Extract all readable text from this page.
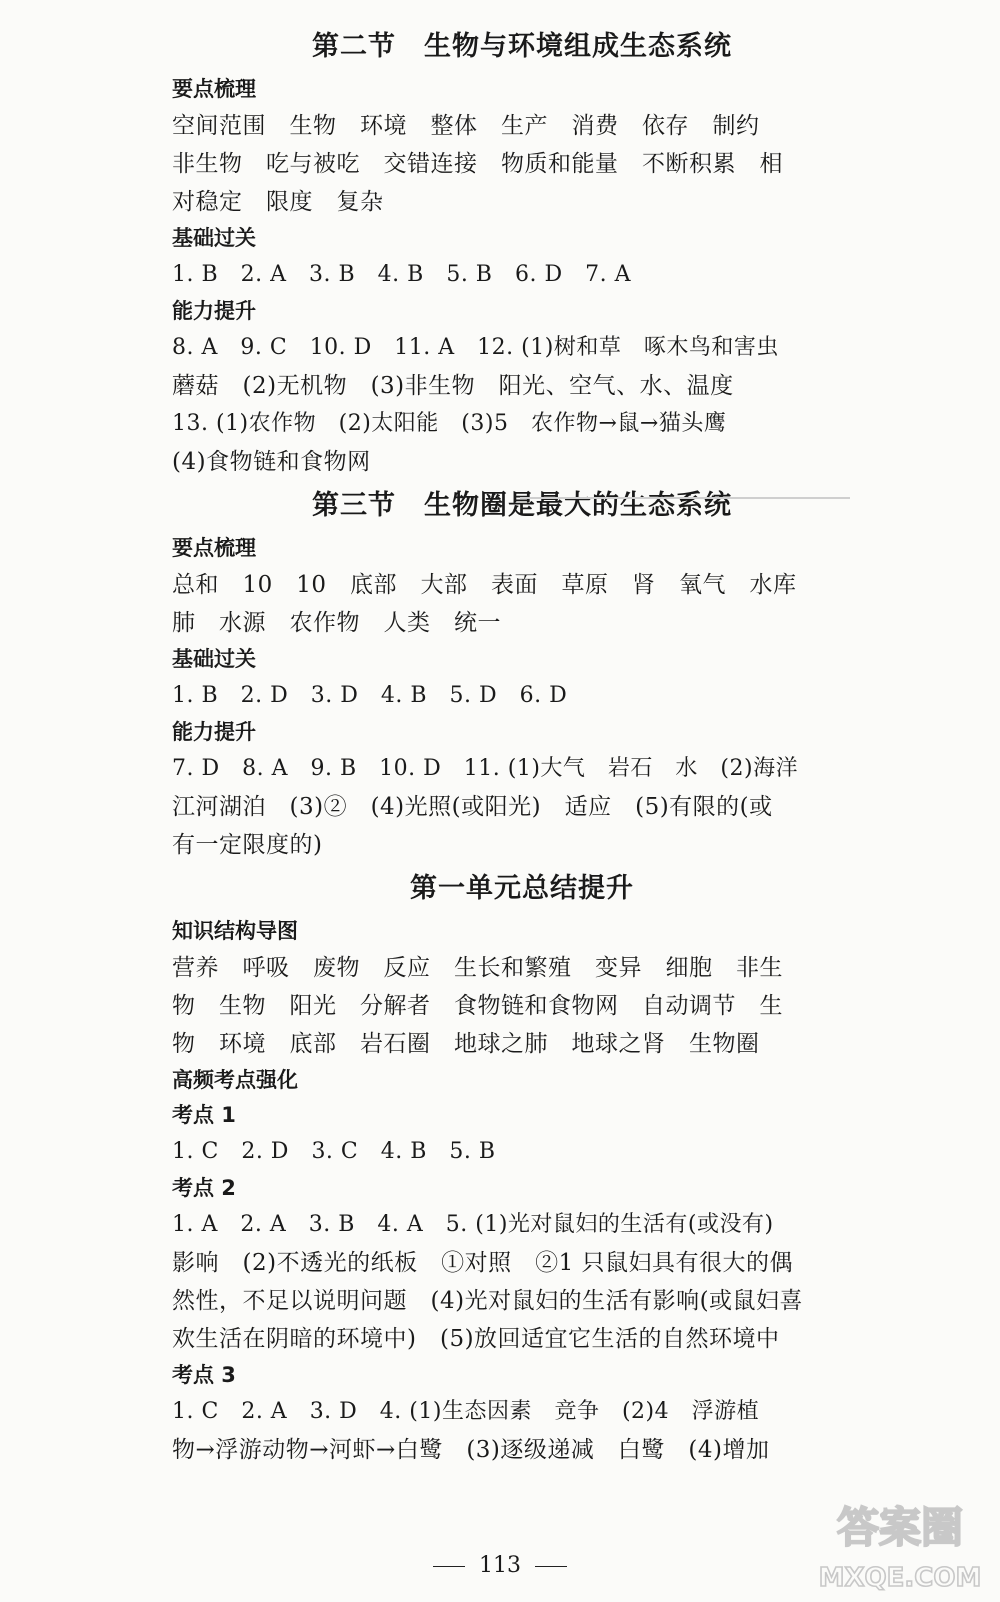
第二节　生物与环境组成生态系统
要点梳理
空间范围　生物　环境　整体　生产　消费　依存　制约
非生物　吃与被吃　交错连接　物质和能量　不断积累　相
对稳定　限度　复杂
基础过关
1. B　2. A　3. B　4. B　5. B　6. D　7. A
能力提升
8. A　9. C　10. D　11. A　12. (1)树和草　啄木鸟和害虫
蘑菇　(2)无机物　(3)非生物　阳光、空气、水、温度
13. (1)农作物　(2)太阳能　(3)5　农作物→鼠→猫头鹰
(4)食物链和食物网
第三节　生物圈是最大的生态系统
要点梳理
总和　10　10　底部　大部　表面　草原　肾　氧气　水库
肺　水源　农作物　人类　统一
基础过关
1. B　2. D　3. D　4. B　5. D　6. D
能力提升
7. D　8. A　9. B　10. D　11. (1)大气　岩石　水　(2)海洋
江河湖泊　(3)②　(4)光照(或阳光)　适应　(5)有限的(或
有一定限度的)
第一单元总结提升
知识结构导图
营养　呼吸　废物　反应　生长和繁殖　变异　细胞　非生
物　生物　阳光　分解者　食物链和食物网　自动调节　生
物　环境　底部　岩石圈　地球之肺　地球之肾　生物圈
高频考点强化
考点 1
1. C　2. D　3. C　4. B　5. B
考点 2
1. A　2. A　3. B　4. A　5. (1)光对鼠妇的生活有(或没有)
影响　(2)不透光的纸板　①对照　②1 只鼠妇具有很大的偶
然性，不足以说明问题　(4)光对鼠妇的生活有影响(或鼠妇喜
欢生活在阴暗的环境中)　(5)放回适宜它生活的自然环境中
考点 3
1. C　2. A　3. D　4. (1)生态因素　竞争　(2)4　浮游植
物→浮游动物→河虾→白鹭　(3)逐级递减　白鹭　(4)增加
113
答案圈
MXQE.COM
